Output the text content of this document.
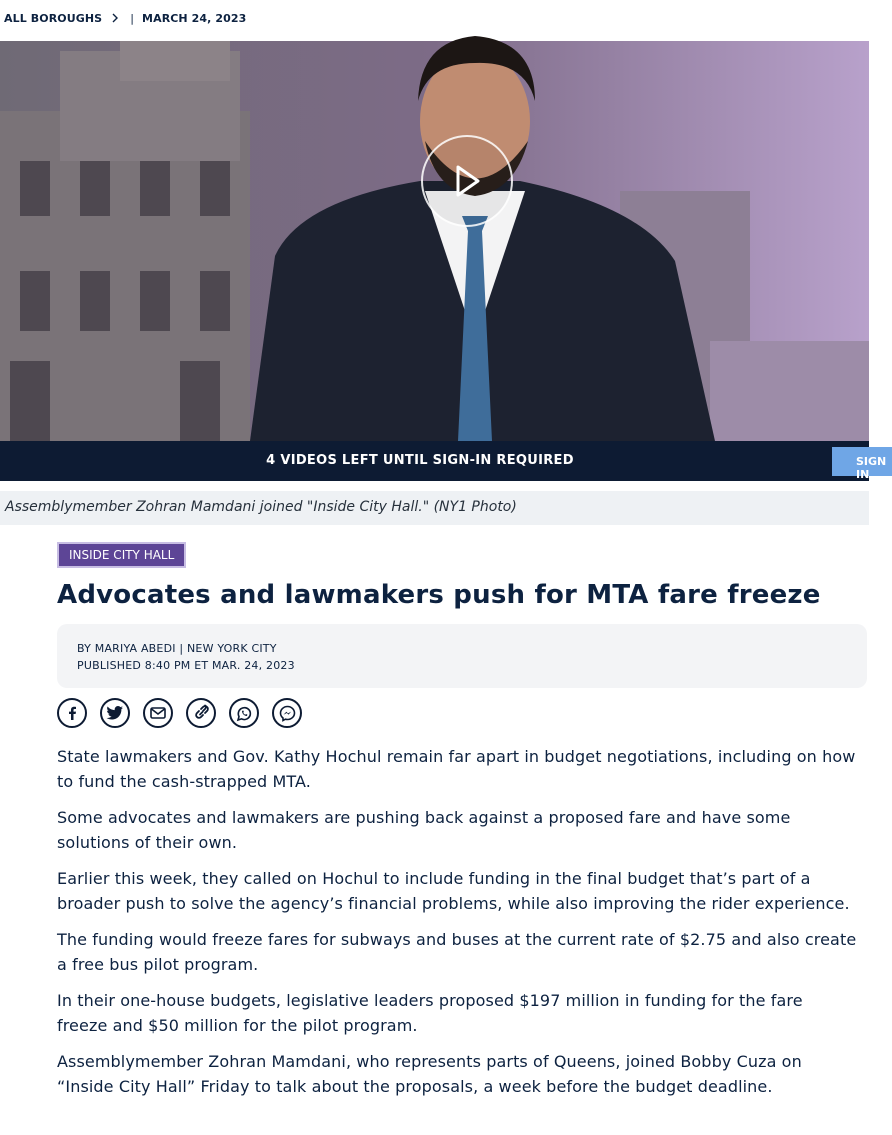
ALL BOROUGHS	| MARCH 24, 2023
4 VIDEOS LEFT UNTIL SIGN-IN REQUIRED	SIGN IN
Assemblymember Zohran Mamdani joined "Inside City Hall." (NY1 Photo)
INSIDE CITY HALL
Advocates and lawmakers push for MTA fare freeze
BY MARIYA ABEDI | NEW YORK CITY
PUBLISHED 8:40 PM ET MAR. 24, 2023

State lawmakers and Gov. Kathy Hochul remain far apart in budget negotiations, including on how to fund the cash-strapped MTA.

Some advocates and lawmakers are pushing back against a proposed fare and have some solutions of their own.

Earlier this week, they called on Hochul to include funding in the final budget that’s part of a broader push to solve the agency’s financial problems, while also improving the rider experience.

The funding would freeze fares for subways and buses at the current rate of $2.75 and also create a free bus pilot program.

In their one-house budgets, legislative leaders proposed $197 million in funding for the fare freeze and $50 million for the pilot program.

Assemblymember Zohran Mamdani, who represents parts of Queens, joined Bobby Cuza on “Inside City Hall” Friday to talk about the proposals, a week before the budget deadline.
